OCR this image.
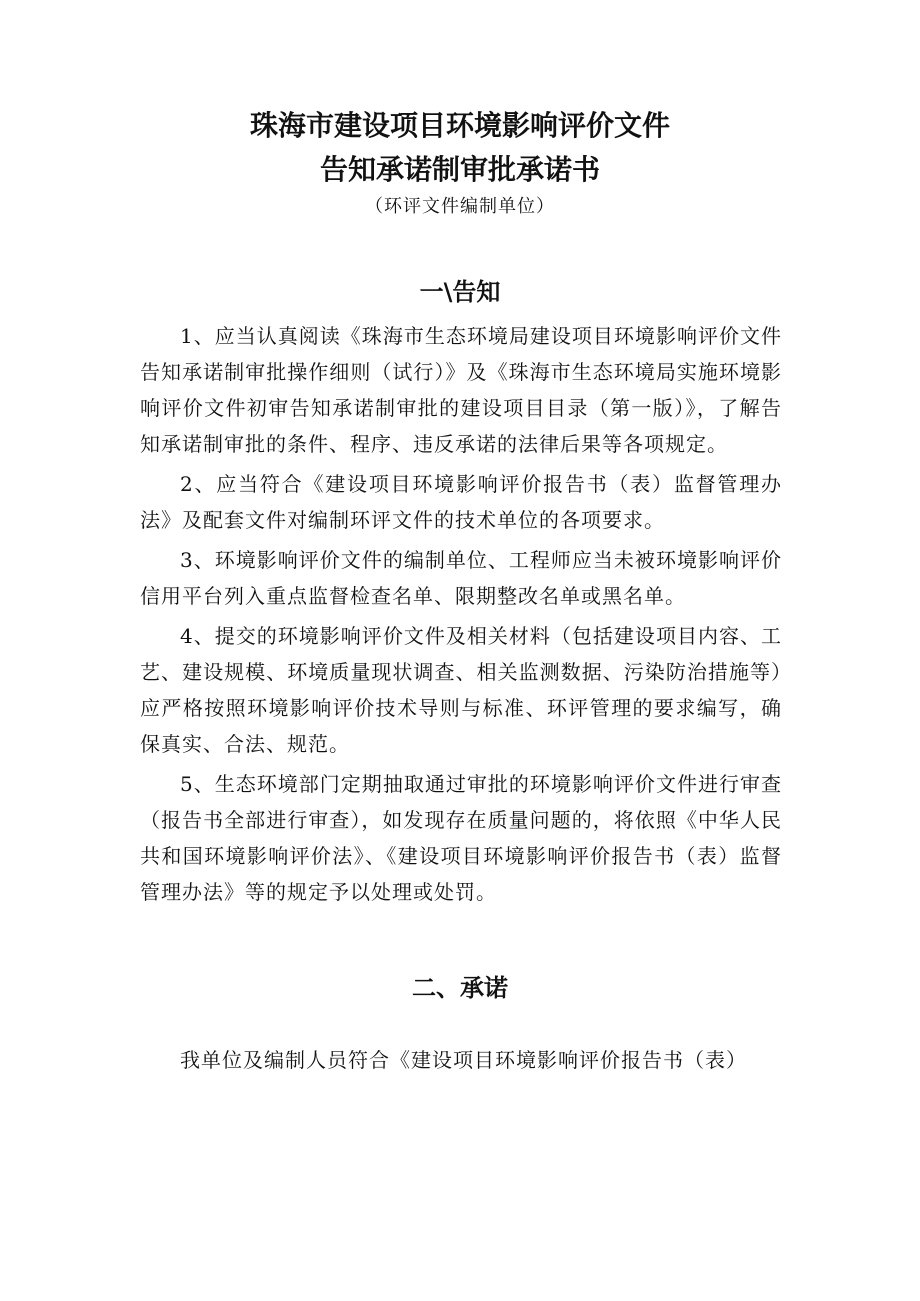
珠海市建设项目环境影响评价文件
告知承诺制审批承诺书
（环评文件编制单位）
一\告知

1、应当认真阅读《珠海市生态环境局建设项目环境影响评价文件告知承诺制审批操作细则（试行）》及《珠海市生态环境局实施环境影响评价文件初审告知承诺制审批的建设项目目录（第一版）》，了解告知承诺制审批的条件、程序、违反承诺的法律后果等各项规定。

2、应当符合《建设项目环境影响评价报告书（表）监督管理办法》及配套文件对编制环评文件的技术单位的各项要求。

3、环境影响评价文件的编制单位、工程师应当未被环境影响评价信用平台列入重点监督检查名单、限期整改名单或黑名单。

4、提交的环境影响评价文件及相关材料（包括建设项目内容、工艺、建设规模、环境质量现状调查、相关监测数据、污染防治措施等）应严格按照环境影响评价技术导则与标准、环评管理的要求编写，确保真实、合法、规范。

5、生态环境部门定期抽取通过审批的环境影响评价文件进行审查（报告书全部进行审查），如发现存在质量问题的，将依照《中华人民共和国环境影响评价法》、《建设项目环境影响评价报告书（表）监督管理办法》等的规定予以处理或处罚。

二、承诺

我单位及编制人员符合《建设项目环境影响评价报告书（表）
